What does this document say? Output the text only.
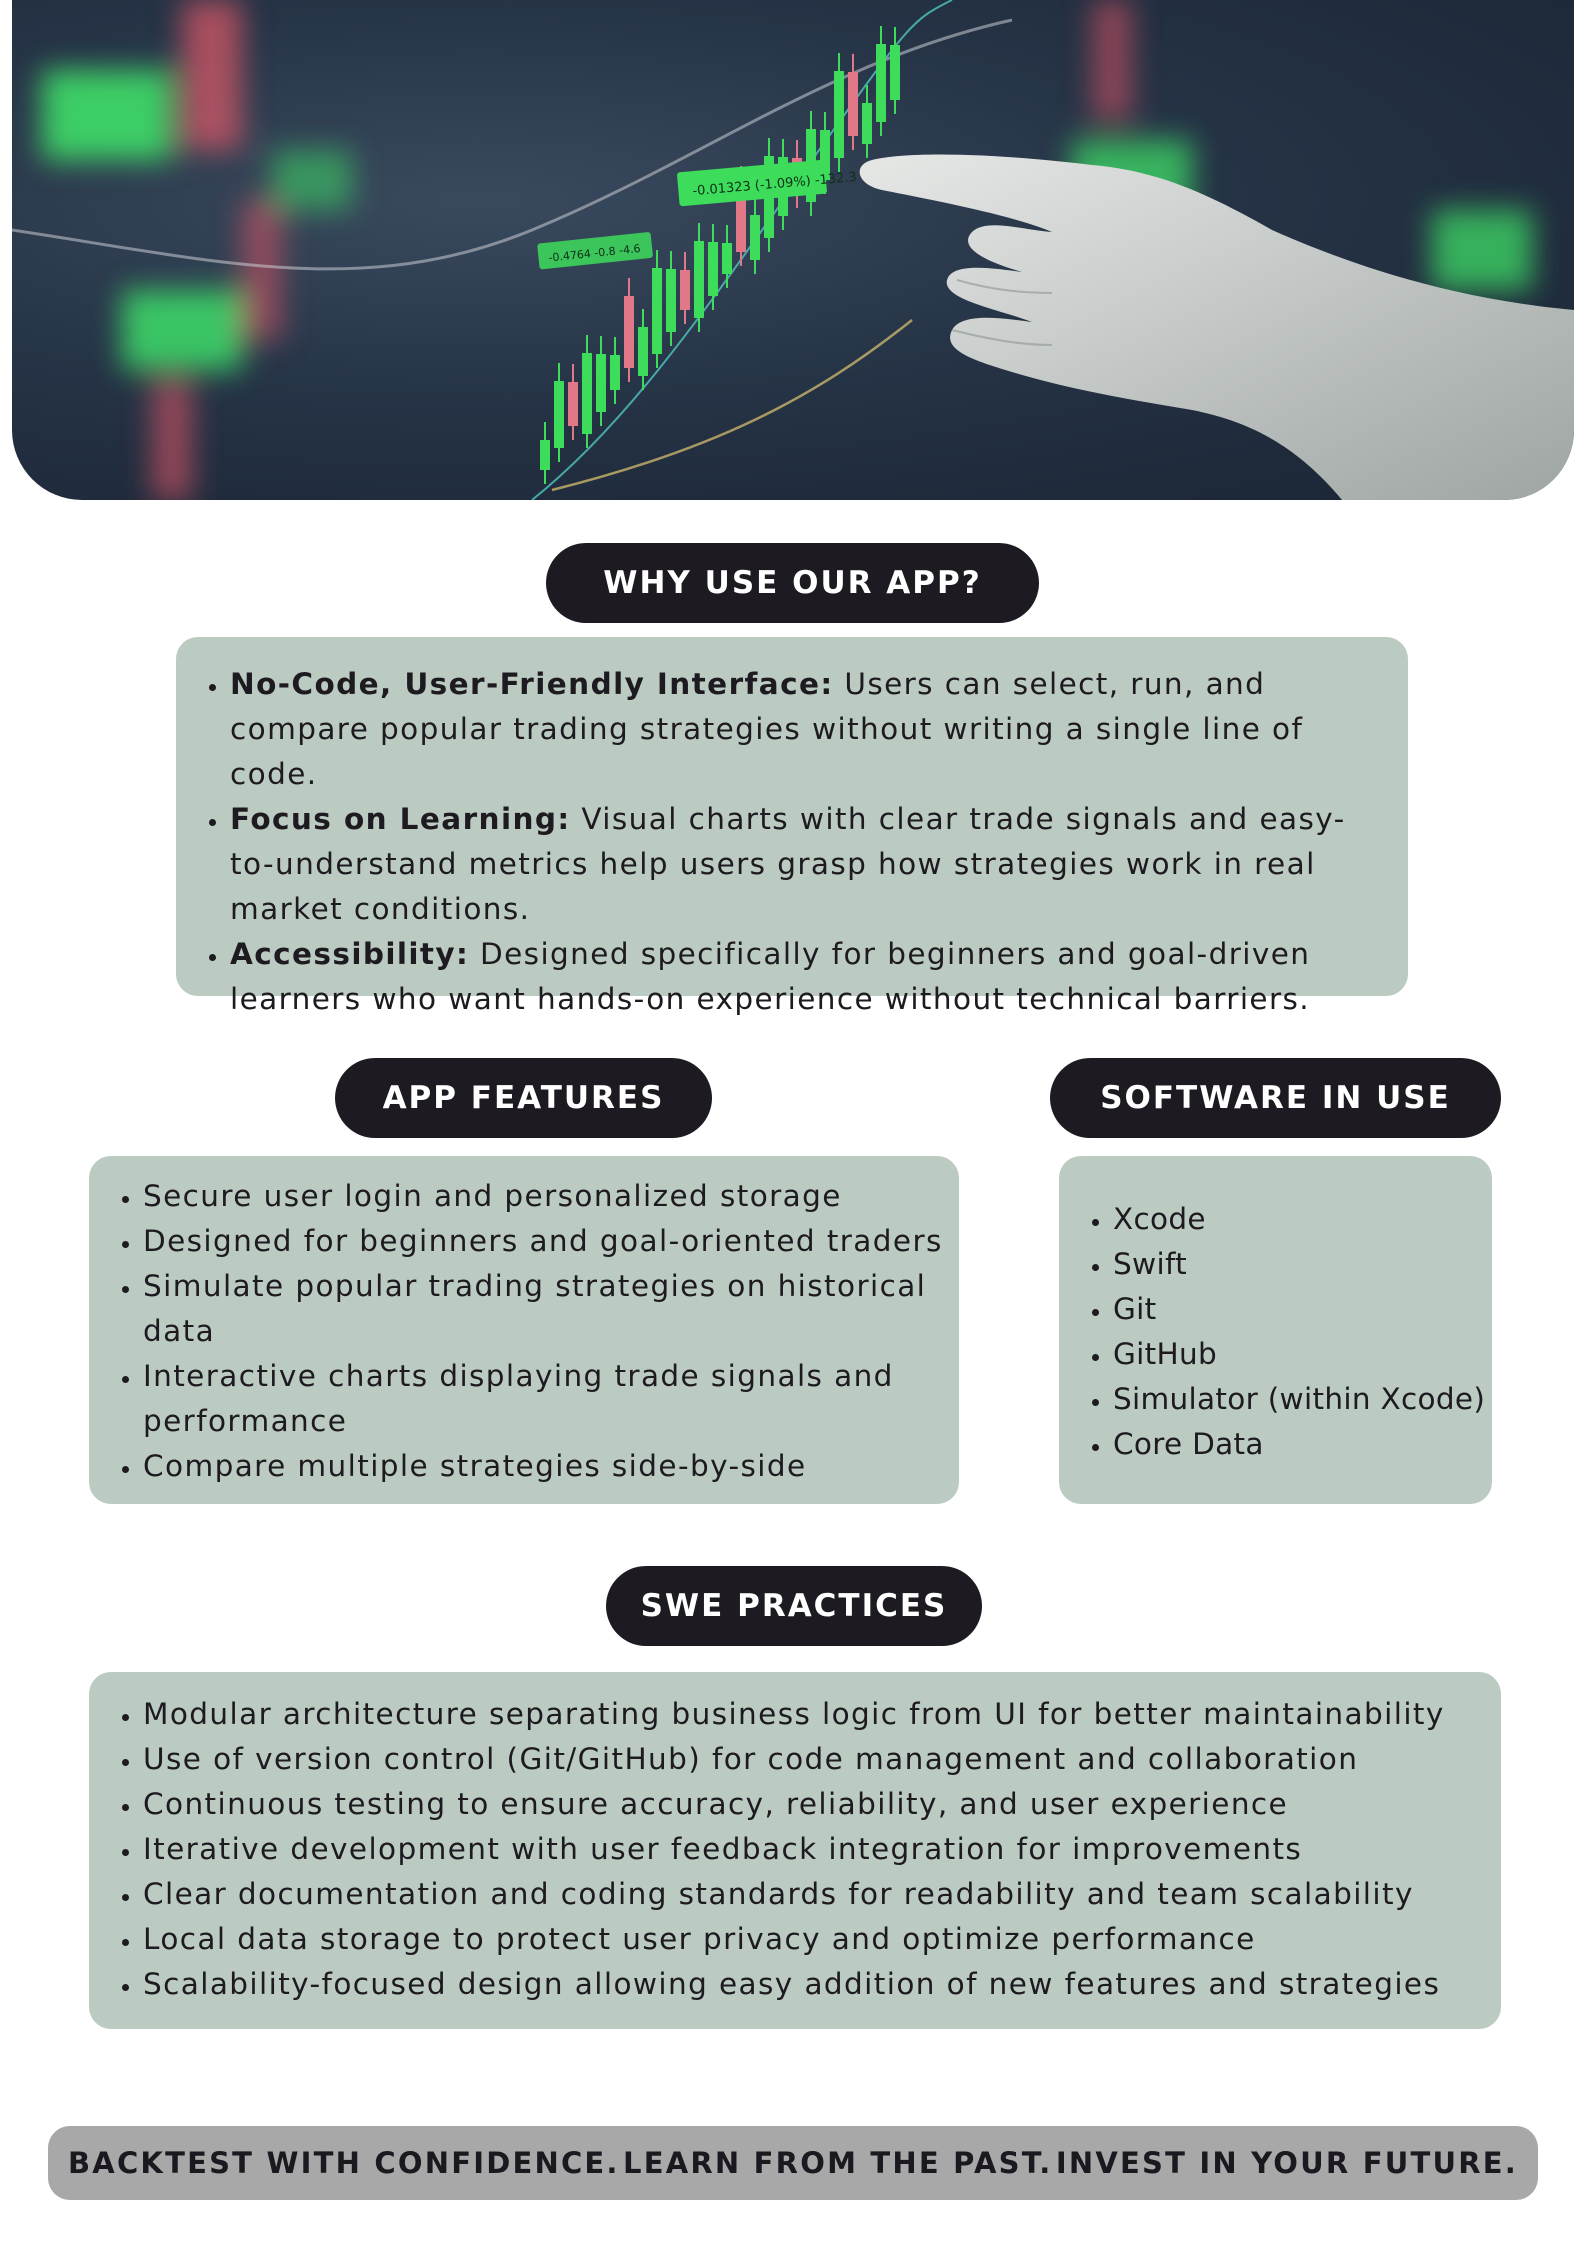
-0.01323 (-1.09%) -132.3
-0.4764 -0.8 -4.6
WHY USE OUR APP?
• No-Code, User-Friendly Interface: Users can select, run, and compare popular trading strategies without writing a single line of code.
• Focus on Learning: Visual charts with clear trade signals and easy-to-understand metrics help users grasp how strategies work in real market conditions.
• Accessibility: Designed specifically for beginners and goal-driven learners who want hands-on experience without technical barriers.
APP FEATURES
• Secure user login and personalized storage
• Designed for beginners and goal-oriented traders
• Simulate popular trading strategies on historical data
• Interactive charts displaying trade signals and performance
• Compare multiple strategies side-by-side
SOFTWARE IN USE
• Xcode
• Swift
• Git
• GitHub
• Simulator (within Xcode)
• Core Data
SWE PRACTICES
• Modular architecture separating business logic from UI for better maintainability
• Use of version control (Git/GitHub) for code management and collaboration
• Continuous testing to ensure accuracy, reliability, and user experience
• Iterative development with user feedback integration for improvements
• Clear documentation and coding standards for readability and team scalability
• Local data storage to protect user privacy and optimize performance
• Scalability-focused design allowing easy addition of new features and strategies
BACKTEST WITH CONFIDENCE. LEARN FROM THE PAST. INVEST IN YOUR FUTURE.
